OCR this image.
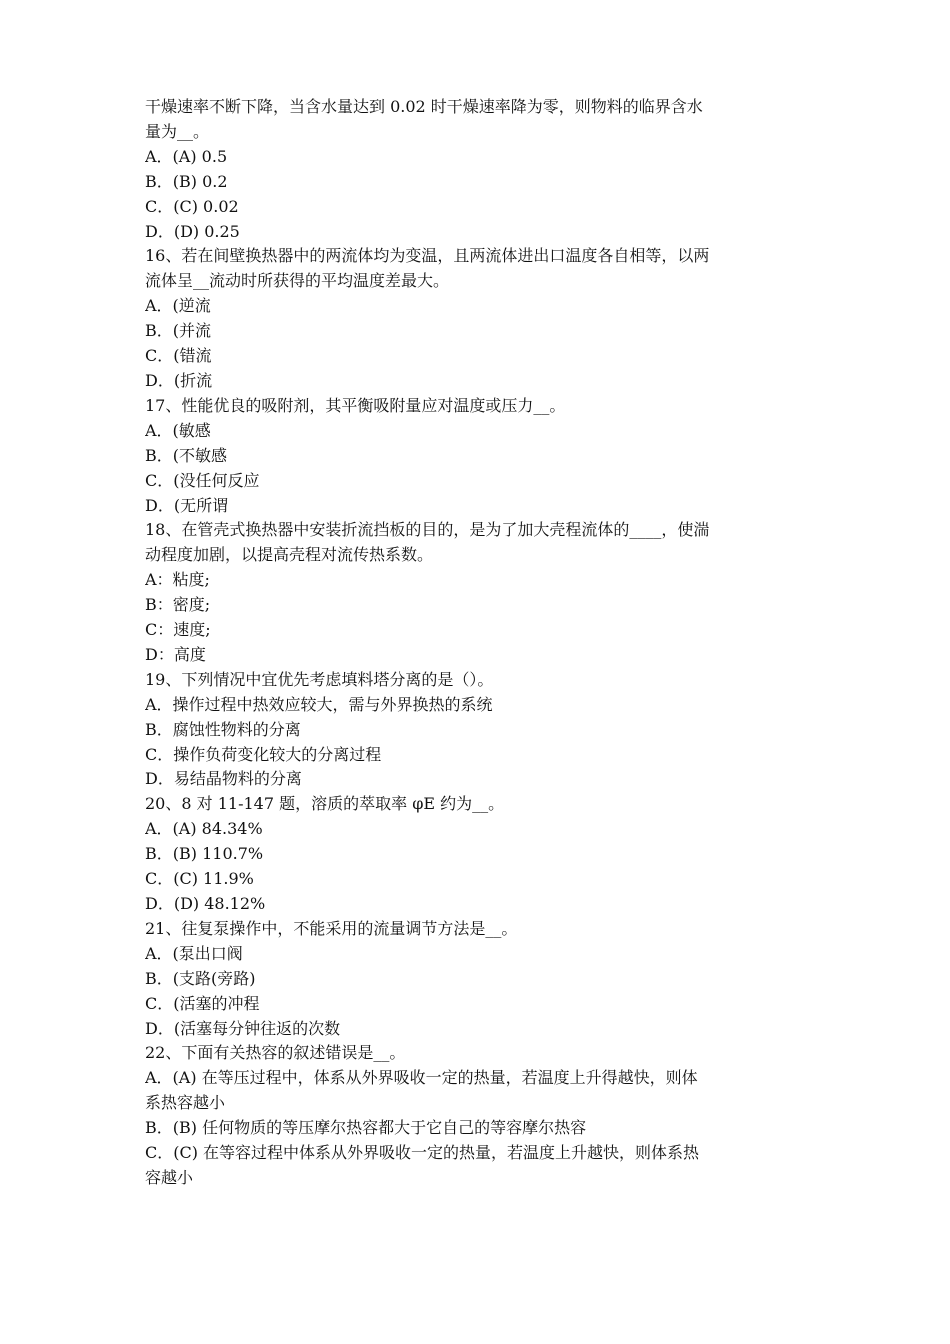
干燥速率不断下降，当含水量达到 0.02 时干燥速率降为零，则物料的临界含水
量为__。
A．(A) 0.5
B．(B) 0.2
C．(C) 0.02
D．(D) 0.25
16、若在间壁换热器中的两流体均为变温，且两流体进出口温度各自相等，以两
流体呈__流动时所获得的平均温度差最大。
A．(逆流
B．(并流
C．(错流
D．(折流
17、性能优良的吸附剂，其平衡吸附量应对温度或压力__。
A．(敏感
B．(不敏感
C．(没任何反应
D．(无所谓
18、在管壳式换热器中安装折流挡板的目的，是为了加大壳程流体的____，使湍
动程度加剧，以提高壳程对流传热系数。
A：粘度;
B：密度;
C：速度;
D：高度
19、下列情况中宜优先考虑填料塔分离的是（）。
A．操作过程中热效应较大，需与外界换热的系统
B．腐蚀性物料的分离
C．操作负荷变化较大的分离过程
D．易结晶物料的分离
20、8 对 11-147 题，溶质的萃取率 φE 约为__。
A．(A) 84.34%
B．(B) 110.7%
C．(C) 11.9%
D．(D) 48.12%
21、往复泵操作中，不能采用的流量调节方法是__。
A．(泵出口阀
B．(支路(旁路)
C．(活塞的冲程
D．(活塞每分钟往返的次数
22、下面有关热容的叙述错误是__。
A．(A) 在等压过程中，体系从外界吸收一定的热量，若温度上升得越快，则体
系热容越小
B．(B) 任何物质的等压摩尔热容都大于它自己的等容摩尔热容
C．(C) 在等容过程中体系从外界吸收一定的热量，若温度上升越快，则体系热
容越小
